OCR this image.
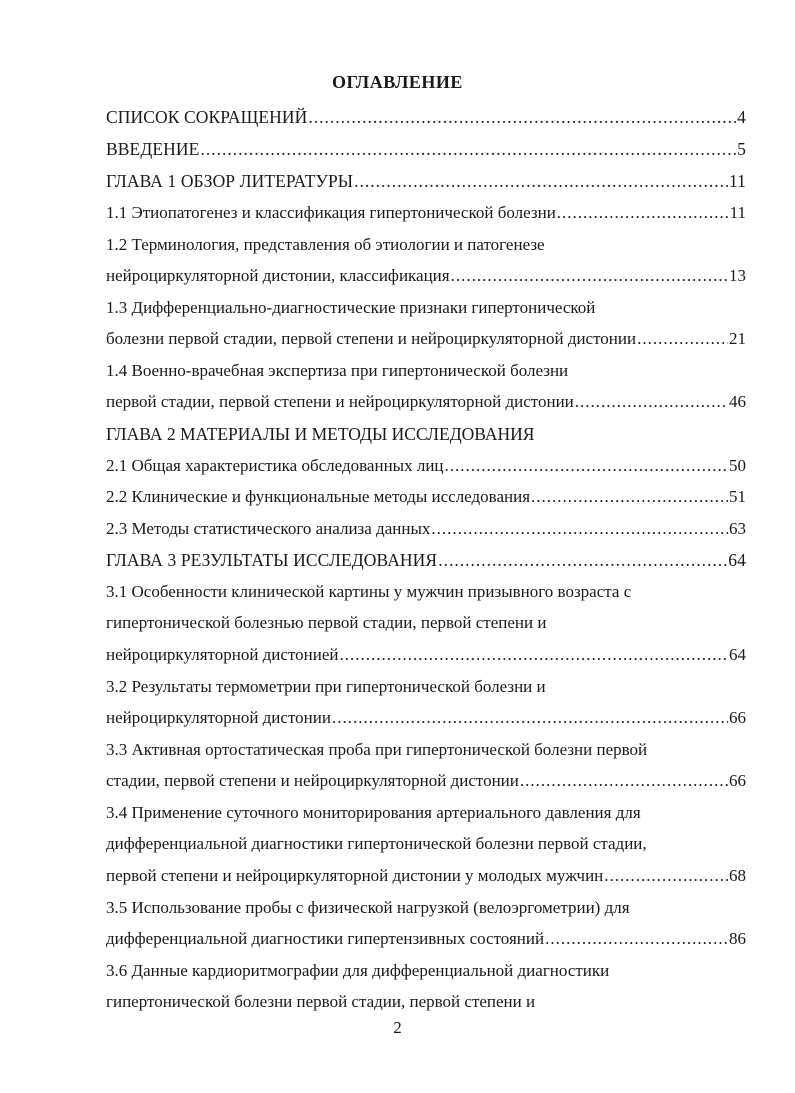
ОГЛАВЛЕНИЕ
СПИСОК СОКРАЩЕНИЙ .....	4
ВВЕДЕНИЕ .....	5
ГЛАВА 1 ОБЗОР ЛИТЕРАТУРЫ .....	11
1.1 Этиопатогенез и классификация гипертонической болезни .....	11
1.2 Терминология, представления об этиологии и патогенезе
нейроциркуляторной дистонии, классификация .....	13
1.3 Дифференциально-диагностические признаки гипертонической
болезни первой стадии, первой степени и нейроциркуляторной дистонии .....	21
1.4 Военно-врачебная экспертиза при гипертонической болезни
первой стадии, первой степени и нейроциркуляторной дистонии .....	46
ГЛАВА 2 МАТЕРИАЛЫ И МЕТОДЫ ИССЛЕДОВАНИЯ
2.1 Общая характеристика обследованных лиц .....	50
2.2 Клинические и функциональные методы исследования .....	51
2.3 Методы статистического анализа данных .....	63
ГЛАВА 3 РЕЗУЛЬТАТЫ ИССЛЕДОВАНИЯ .....	64
3.1 Особенности клинической картины у мужчин призывного возраста с
гипертонической болезнью первой стадии, первой степени и
нейроциркуляторной дистонией .....	64
3.2 Результаты термометрии при гипертонической болезни и
нейроциркуляторной дистонии .....	66
3.3 Активная ортостатическая проба при гипертонической болезни первой
стадии, первой степени и нейроциркуляторной дистонии .....	66
3.4 Применение суточного мониторирования артериального давления для
дифференциальной диагностики гипертонической болезни первой стадии,
первой степени и нейроциркуляторной дистонии у молодых мужчин .....	68
3.5 Использование пробы с физической нагрузкой (велоэргометрии) для
дифференциальной диагностики гипертензивных состояний .....	86
3.6 Данные кардиоритмографии для дифференциальной диагностики
гипертонической болезни первой стадии, первой степени и
2
